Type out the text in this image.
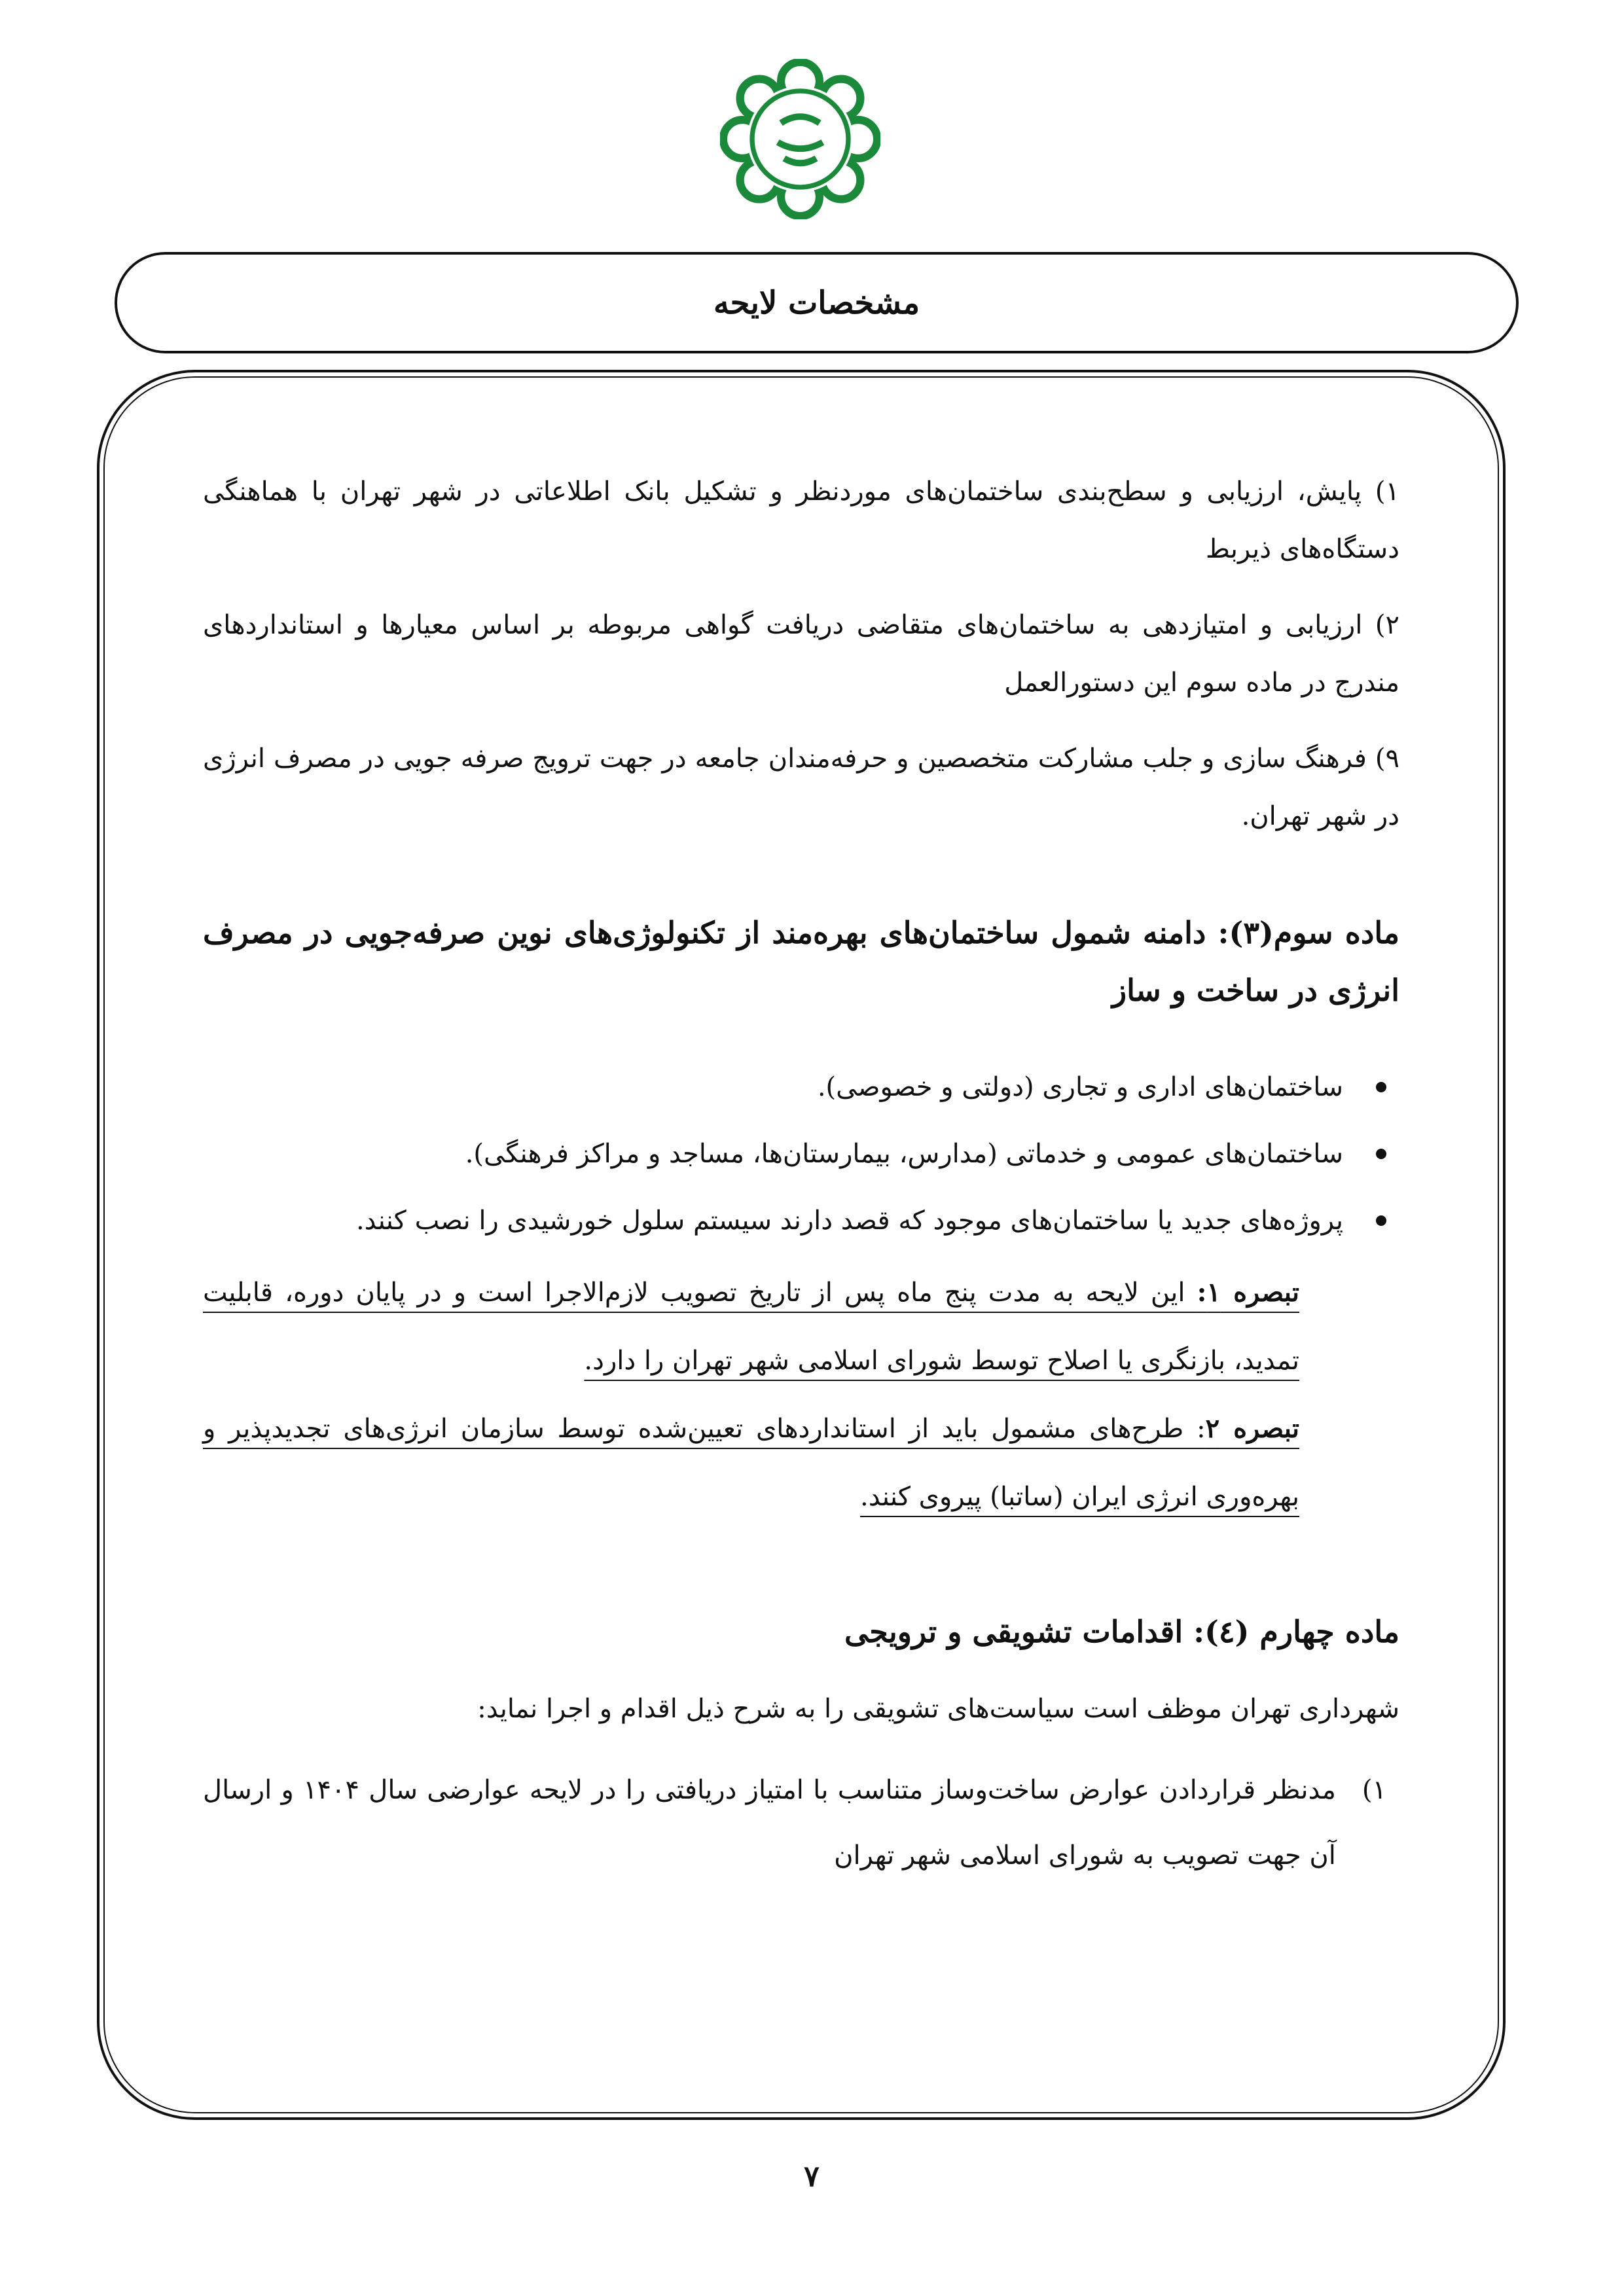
مشخصات لایحه

۱) پایش، ارزیابی و سطح‌بندی ساختمان‌های موردنظر و تشکیل بانک اطلاعاتی در شهر تهران با هماهنگی دستگاه‌های ذیربط

۲) ارزیابی و امتیازدهی به ساختمان‌های متقاضی دریافت گواهی مربوطه بر اساس معیارها و استانداردهای مندرج در ماده سوم این دستورالعمل

۹) فرهنگ سازی و جلب مشارکت متخصصین و حرفه‌مندان جامعه در جهت ترویج صرفه جویی در مصرف انرژی در شهر تهران.

ماده سوم(۳): دامنه شمول ساختمان‌های بهره‌مند از تکنولوژی‌های نوین صرفه‌جویی در مصرف انرژی در ساخت و ساز
ساختمان‌های اداری و تجاری (دولتی و خصوصی).
ساختمان‌های عمومی و خدماتی (مدارس، بیمارستان‌ها، مساجد و مراکز فرهنگی).
پروژه‌های جدید یا ساختمان‌های موجود که قصد دارند سیستم سلول خورشیدی را نصب کنند.

تبصره ۱: این لایحه به مدت پنج ماه پس از تاریخ تصویب لازم‌الاجرا است و در پایان دوره، قابلیت تمدید، بازنگری یا اصلاح توسط شورای اسلامی شهر تهران را دارد.

تبصره ۲: طرح‌های مشمول باید از استانداردهای تعیین‌شده توسط سازمان انرژی‌های تجدیدپذیر و بهره‌وری انرژی ایران (ساتبا) پیروی کنند.

ماده چهارم (٤): اقدامات تشویقی و ترویجی

شهرداری تهران موظف است سیاست‌های تشویقی را به شرح ذیل اقدام و اجرا نماید:

۱)
مدنظر قراردادن عوارض ساخت‌وساز متناسب با امتیاز دریافتی را در لایحه عوارضی سال ۱۴۰۴ و ارسال آن جهت تصویب به شورای اسلامی شهر تهران
۷
